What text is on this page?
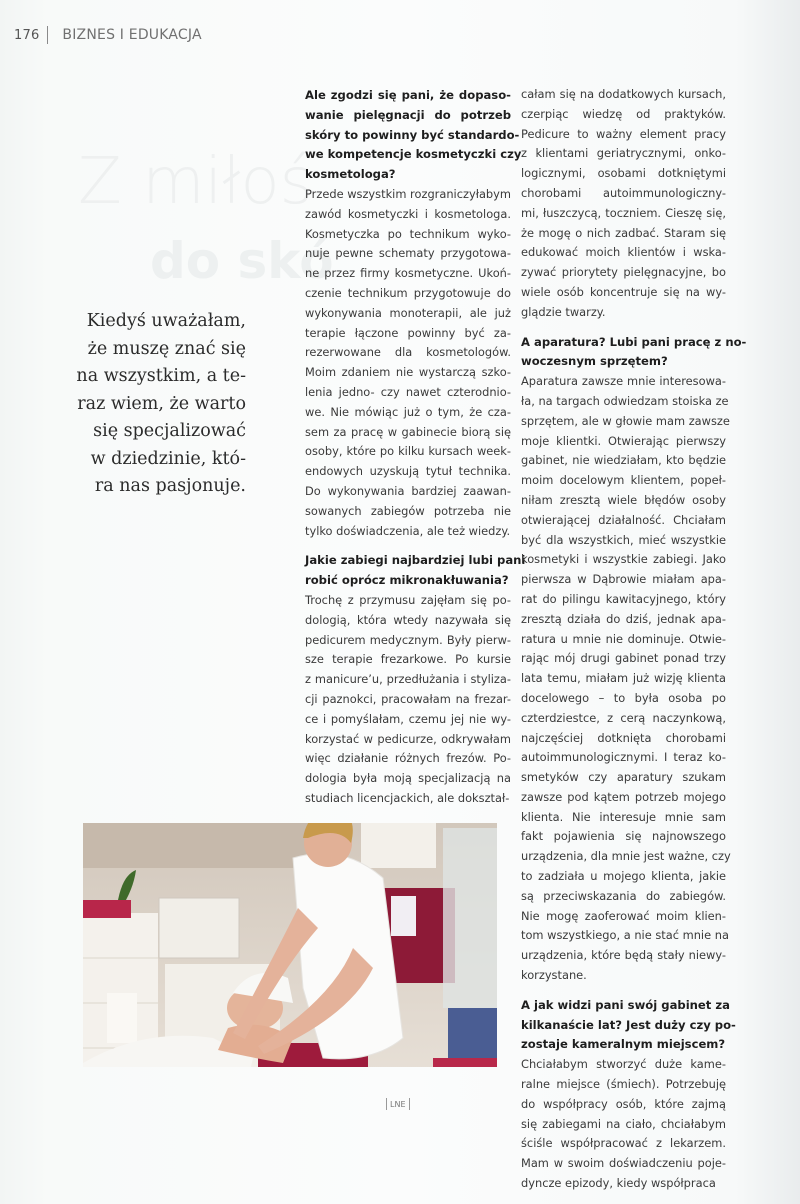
176 BIZNES I EDUKACJA
Z miłoś
do skó
Kiedyś uważałam,
że muszę znać się
na wszystkim, a te-
raz wiem, że warto
się specjalizować
w dziedzinie, któ-
ra nas pasjonuje.
Ale zgodzi się pani, że dopaso-
wanie pielęgnacji do potrzeb
skóry to powinny być standardo-
we kompetencje kosmetyczki czy
kosmetologa?
Przede wszystkim rozgraniczyłabym
zawód kosmetyczki i kosmetologa.
Kosmetyczka po technikum wyko-
nuje pewne schematy przygotowa-
ne przez firmy kosmetyczne. Ukoń-
czenie technikum przygotowuje do
wykonywania monoterapii, ale już
terapie łączone powinny być za-
rezerwowane dla kosmetologów.
Moim zdaniem nie wystarczą szko-
lenia jedno- czy nawet czterodnio-
we. Nie mówiąc już o tym, że cza-
sem za pracę w gabinecie biorą się
osoby, które po kilku kursach week-
endowych uzyskują tytuł technika.
Do wykonywania bardziej zaawan-
sowanych zabiegów potrzeba nie
tylko doświadczenia, ale też wiedzy.
Jakie zabiegi najbardziej lubi pani
robić oprócz mikronakłuwania?
Trochę z przymusu zajęłam się po-
dologią, która wtedy nazywała się
pedicurem medycznym. Były pierw-
sze terapie frezarkowe. Po kursie
z manicure’u, przedłużania i styliza-
cji paznokci, pracowałam na frezar-
ce i pomyślałam, czemu jej nie wy-
korzystać w pedicurze, odkrywałam
więc działanie różnych frezów. Po-
dologia była moją specjalizacją na
studiach licencjackich, ale dokształ-
całam się na dodatkowych kursach,
czerpiąc wiedzę od praktyków.
Pedicure to ważny element pracy
z klientami geriatrycznymi, onko-
logicznymi, osobami dotkniętymi
chorobami autoimmunologiczny-
mi, łuszczycą, toczniem. Cieszę się,
że mogę o nich zadbać. Staram się
edukować moich klientów i wska-
zywać priorytety pielęgnacyjne, bo
wiele osób koncentruje się na wy-
glądzie twarzy.
A aparatura? Lubi pani pracę z no-
woczesnym sprzętem?
Aparatura zawsze mnie interesowa-
ła, na targach odwiedzam stoiska ze
sprzętem, ale w głowie mam zawsze
moje klientki. Otwierając pierwszy
gabinet, nie wiedziałam, kto będzie
moim docelowym klientem, popeł-
niłam zresztą wiele błędów osoby
otwierającej działalność. Chciałam
być dla wszystkich, mieć wszystkie
kosmetyki i wszystkie zabiegi. Jako
pierwsza w Dąbrowie miałam apa-
rat do pilingu kawitacyjnego, który
zresztą działa do dziś, jednak apa-
ratura u mnie nie dominuje. Otwie-
rając mój drugi gabinet ponad trzy
lata temu, miałam już wizję klienta
docelowego – to była osoba po
czterdziestce, z cerą naczynkową,
najczęściej dotknięta chorobami
autoimmunologicznymi. I teraz ko-
smetyków czy aparatury szukam
zawsze pod kątem potrzeb mojego
klienta. Nie interesuje mnie sam
fakt pojawienia się najnowszego
urządzenia, dla mnie jest ważne, czy
to zadziała u mojego klienta, jakie
są przeciwskazania do zabiegów.
Nie mogę zaoferować moim klien-
tom wszystkiego, a nie stać mnie na
urządzenia, które będą stały niewy-
korzystane.
A jak widzi pani swój gabinet za
kilkanaście lat? Jest duży czy po-
zostaje kameralnym miejscem?
Chciałabym stworzyć duże kame-
ralne miejsce (śmiech). Potrzebuję
do współpracy osób, które zajmą
się zabiegami na ciało, chciałabym
ściśle współpracować z lekarzem.
Mam w swoim doświadczeniu poje-
dyncze epizody, kiedy współpraca
LNE
